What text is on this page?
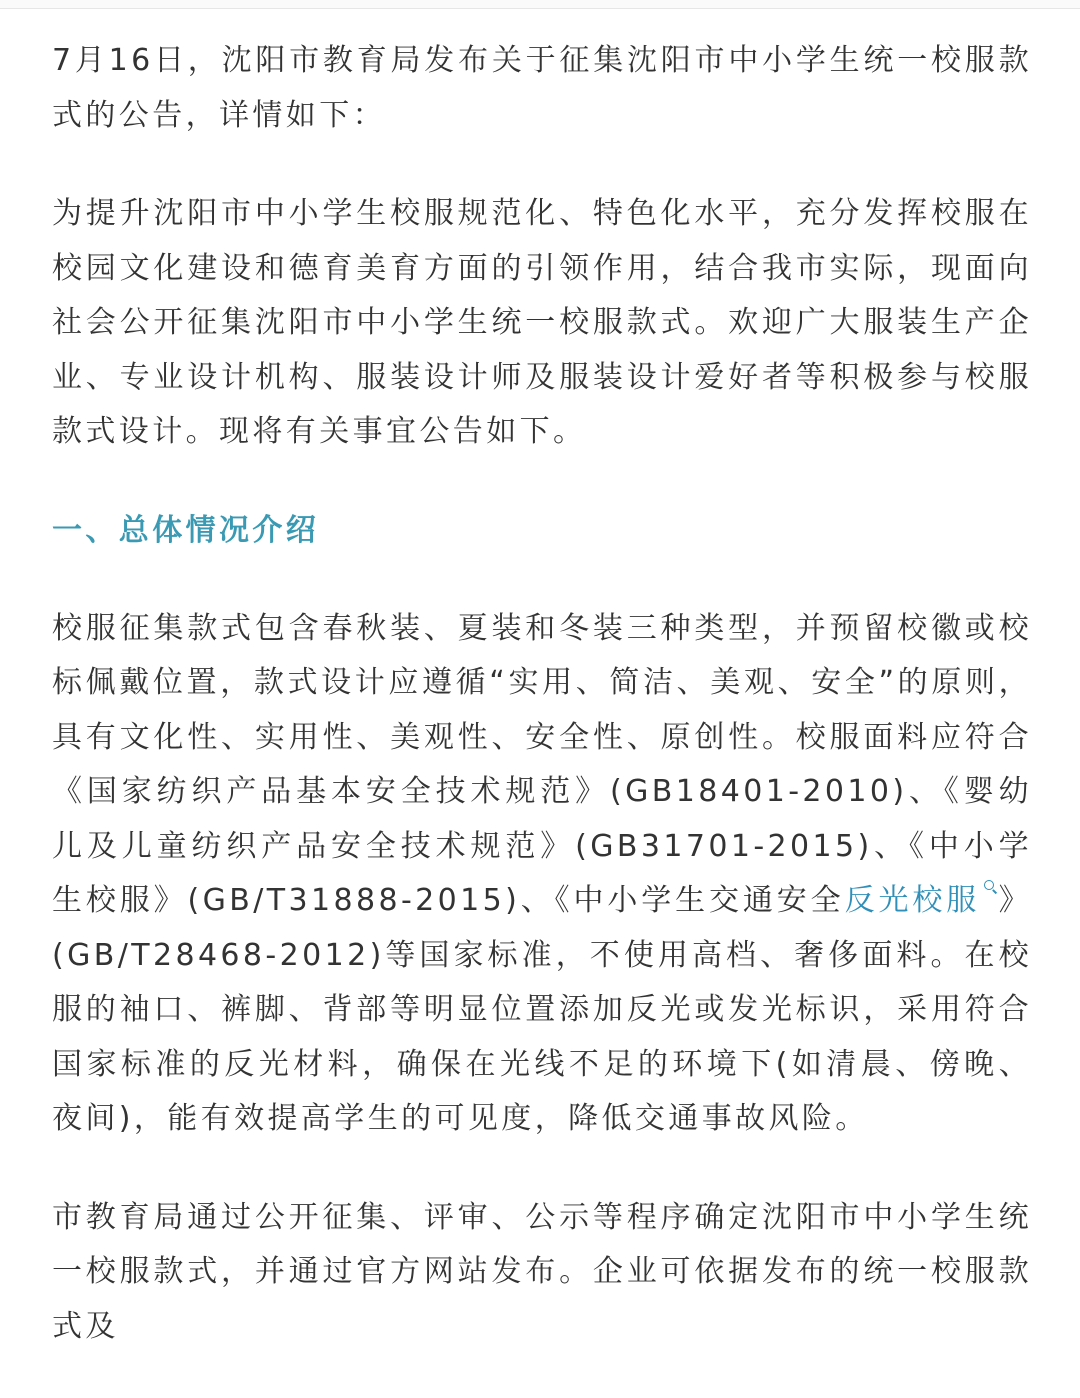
7月16日，沈阳市教育局发布关于征集沈阳市中小学生统一校服款式的公告，详情如下：

为提升沈阳市中小学生校服规范化、特色化水平，充分发挥校服在校园文化建设和德育美育方面的引领作用，结合我市实际，现面向社会公开征集沈阳市中小学生统一校服款式。欢迎广大服装生产企业、专业设计机构、服装设计师及服装设计爱好者等积极参与校服款式设计。现将有关事宜公告如下。

一、总体情况介绍

校服征集款式包含春秋装、夏装和冬装三种类型，并预留校徽或校标佩戴位置，款式设计应遵循“实用、简洁、美观、安全”的原则，具有文化性、实用性、美观性、安全性、原创性。校服面料应符合《国家纺织产品基本安全技术规范》(GB18401-2010)、《婴幼儿及儿童纺织产品安全技术规范》(GB31701-2015)、《中小学生校服》(GB/T31888-2015)、《中小学生交通安全反光校服 》(GB/T28468-2012)等国家标准，不使用高档、奢侈面料。在校服的袖口、裤脚、背部等明显位置添加反光或发光标识，采用符合国家标准的反光材料，确保在光线不足的环境下(如清晨、傍晚、夜间)，能有效提高学生的可见度，降低交通事故风险。

市教育局通过公开征集、评审、公示等程序确定沈阳市中小学生统一校服款式，并通过官方网站发布。企业可依据发布的统一校服款式及
